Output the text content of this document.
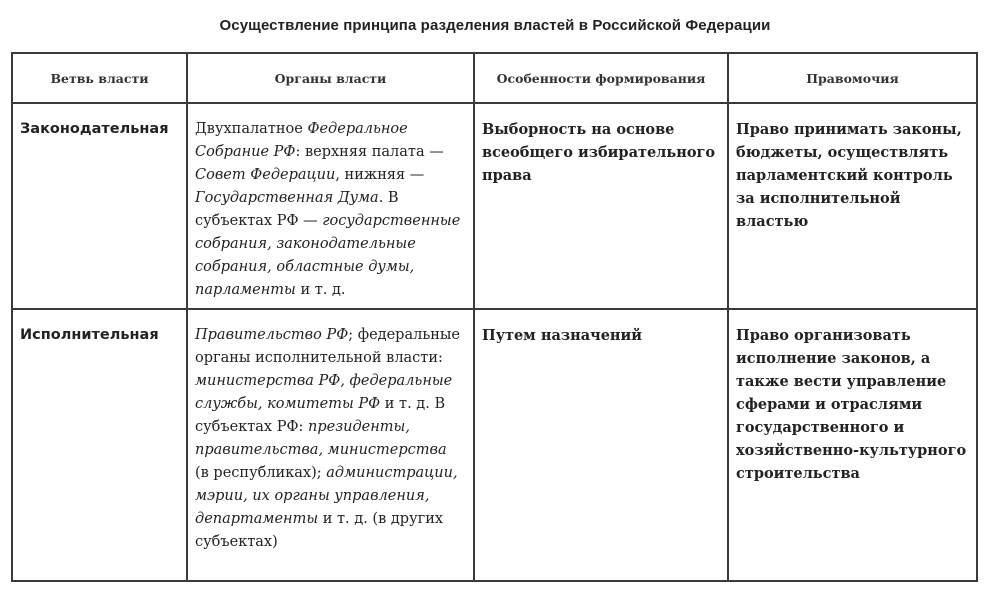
Осуществление принципа разделения властей в Российской Федерации
Ветвь власти	Органы власти	Особенности формирования	Правомочия
Законодательная	Двухпалатное Федеральное Собрание РФ: верхняя палата — Совет Федерации, нижняя — Государственная Дума. В субъектах РФ — государственные собрания, законодательные собрания, областные думы, парламенты и т. д.	Выборность на основе всеобщего избирательного права	Право принимать законы, бюджеты, осуществлять парламентский контроль за исполнительной властью
Исполнительная	Правительство РФ; федеральные органы исполнительной власти: министерства РФ, федеральные службы, комитеты РФ и т. д. В субъектах РФ: президенты, правительства, министерства (в республиках); администрации, мэрии, их органы управления, департаменты и т. д. (в других субъектах)	Путем назначений	Право организовать исполнение законов, а также вести управление сферами и отраслями государственного и хозяйственно-культурного строительства
